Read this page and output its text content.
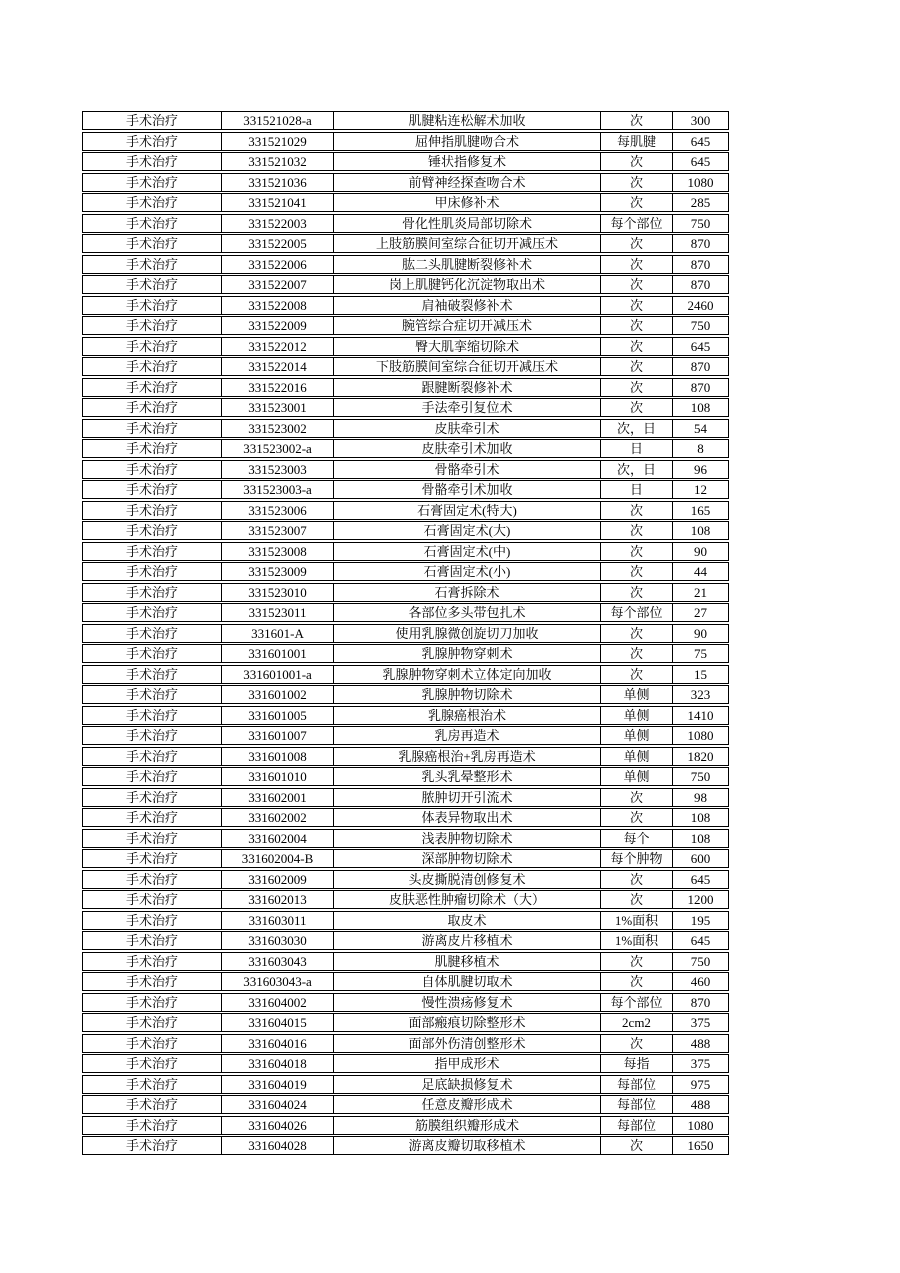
手术治疗	331521028-a	肌腱粘连松解术加收	次	300
手术治疗	331521029	屈伸指肌腱吻合术	每肌腱	645
手术治疗	331521032	锤状指修复术	次	645
手术治疗	331521036	前臂神经探查吻合术	次	1080
手术治疗	331521041	甲床修补术	次	285
手术治疗	331522003	骨化性肌炎局部切除术	每个部位	750
手术治疗	331522005	上肢筋膜间室综合征切开减压术	次	870
手术治疗	331522006	肱二头肌腱断裂修补术	次	870
手术治疗	331522007	岗上肌腱钙化沉淀物取出术	次	870
手术治疗	331522008	肩袖破裂修补术	次	2460
手术治疗	331522009	腕管综合症切开减压术	次	750
手术治疗	331522012	臀大肌挛缩切除术	次	645
手术治疗	331522014	下肢筋膜间室综合征切开减压术	次	870
手术治疗	331522016	跟腱断裂修补术	次	870
手术治疗	331523001	手法牵引复位术	次	108
手术治疗	331523002	皮肤牵引术	次，日	54
手术治疗	331523002-a	皮肤牵引术加收	日	8
手术治疗	331523003	骨骼牵引术	次，日	96
手术治疗	331523003-a	骨骼牵引术加收	日	12
手术治疗	331523006	石膏固定术(特大)	次	165
手术治疗	331523007	石膏固定术(大)	次	108
手术治疗	331523008	石膏固定术(中)	次	90
手术治疗	331523009	石膏固定术(小)	次	44
手术治疗	331523010	石膏拆除术	次	21
手术治疗	331523011	各部位多头带包扎术	每个部位	27
手术治疗	331601-A	使用乳腺微创旋切刀加收	次	90
手术治疗	331601001	乳腺肿物穿刺术	次	75
手术治疗	331601001-a	乳腺肿物穿刺术立体定向加收	次	15
手术治疗	331601002	乳腺肿物切除术	单侧	323
手术治疗	331601005	乳腺癌根治术	单侧	1410
手术治疗	331601007	乳房再造术	单侧	1080
手术治疗	331601008	乳腺癌根治+乳房再造术	单侧	1820
手术治疗	331601010	乳头乳晕整形术	单侧	750
手术治疗	331602001	脓肿切开引流术	次	98
手术治疗	331602002	体表异物取出术	次	108
手术治疗	331602004	浅表肿物切除术	每个	108
手术治疗	331602004-B	深部肿物切除术	每个肿物	600
手术治疗	331602009	头皮撕脱清创修复术	次	645
手术治疗	331602013	皮肤恶性肿瘤切除术（大）	次	1200
手术治疗	331603011	取皮术	1%面积	195
手术治疗	331603030	游离皮片移植术	1%面积	645
手术治疗	331603043	肌腱移植术	次	750
手术治疗	331603043-a	自体肌腱切取术	次	460
手术治疗	331604002	慢性溃疡修复术	每个部位	870
手术治疗	331604015	面部瘢痕切除整形术	2cm2	375
手术治疗	331604016	面部外伤清创整形术	次	488
手术治疗	331604018	指甲成形术	每指	375
手术治疗	331604019	足底缺损修复术	每部位	975
手术治疗	331604024	任意皮瓣形成术	每部位	488
手术治疗	331604026	筋膜组织瓣形成术	每部位	1080
手术治疗	331604028	游离皮瓣切取移植术	次	1650
